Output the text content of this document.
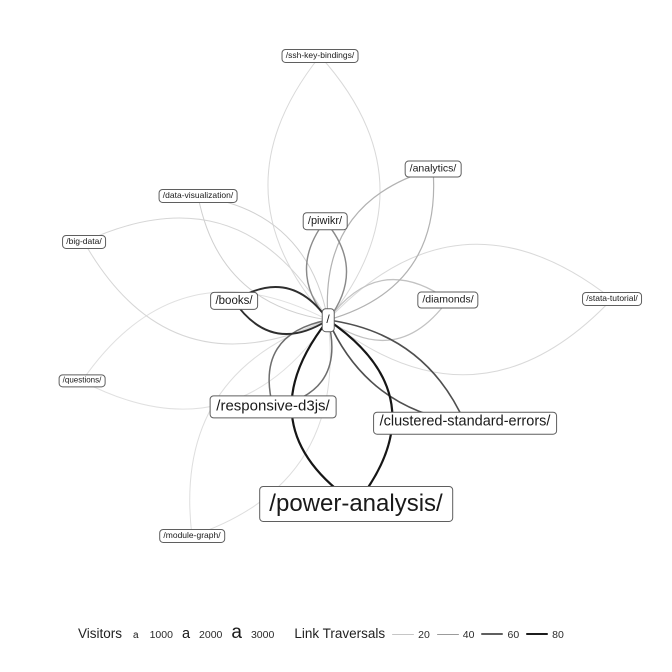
/ssh-key-bindings/
/analytics/
/data-visualization/
/piwikr/
/big-data/
/books/	/diamonds/	/stata-tutorial/
/
/questions/
/responsive-d3js/
/clustered-standard-errors/
/power-analysis/
/module-graph/
Visitors a 1000 a 2000 a 3000 Link Traversals	20	40	60	80
